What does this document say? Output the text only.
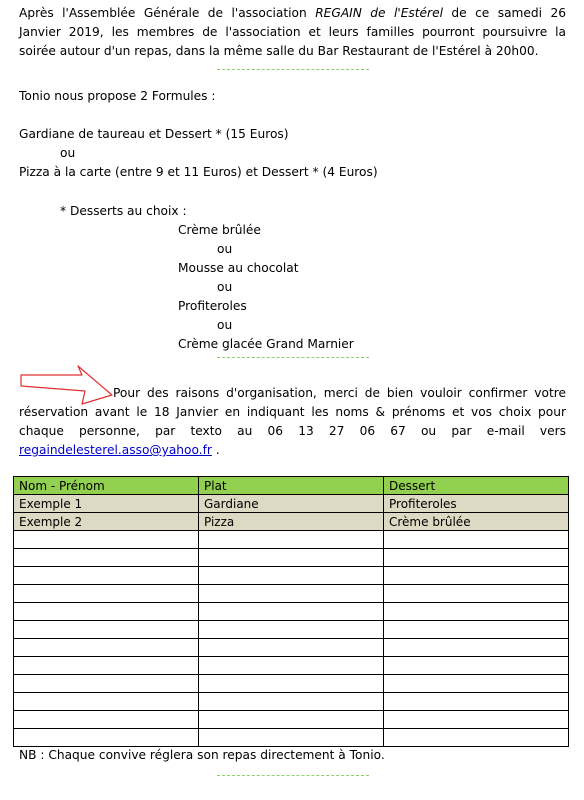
Après l'Assemblée Générale de l'association REGAIN de l'Estérel de ce samedi 26
Janvier 2019, les membres de l'association et leurs familles pourront poursuivre la
soirée autour d'un repas, dans la même salle du Bar Restaurant de l'Estérel à 20h00.
Tonio nous propose 2 Formules :
Gardiane de taureau et Dessert * (15 Euros)
ou
Pizza à la carte (entre 9 et 11 Euros) et Dessert * (4 Euros)
* Desserts au choix :
Crème brûlée
ou
Mousse au chocolat
ou
Profiteroles
ou
Crème glacée Grand Marnier
Pour des raisons d'organisation, merci de bien vouloir confirmer votre
réservation avant le 18 Janvier en indiquant les noms & prénoms et vos choix pour
chaque personne, par texto au 06 13 27 06 67 ou par e-mail vers
regaindelesterel.asso@yahoo.fr .
Nom - Prénom	Plat	Dessert
Exemple 1	Gardiane	Profiteroles
Exemple 2	Pizza	Crème brûlée

NB : Chaque convive réglera son repas directement à Tonio.
